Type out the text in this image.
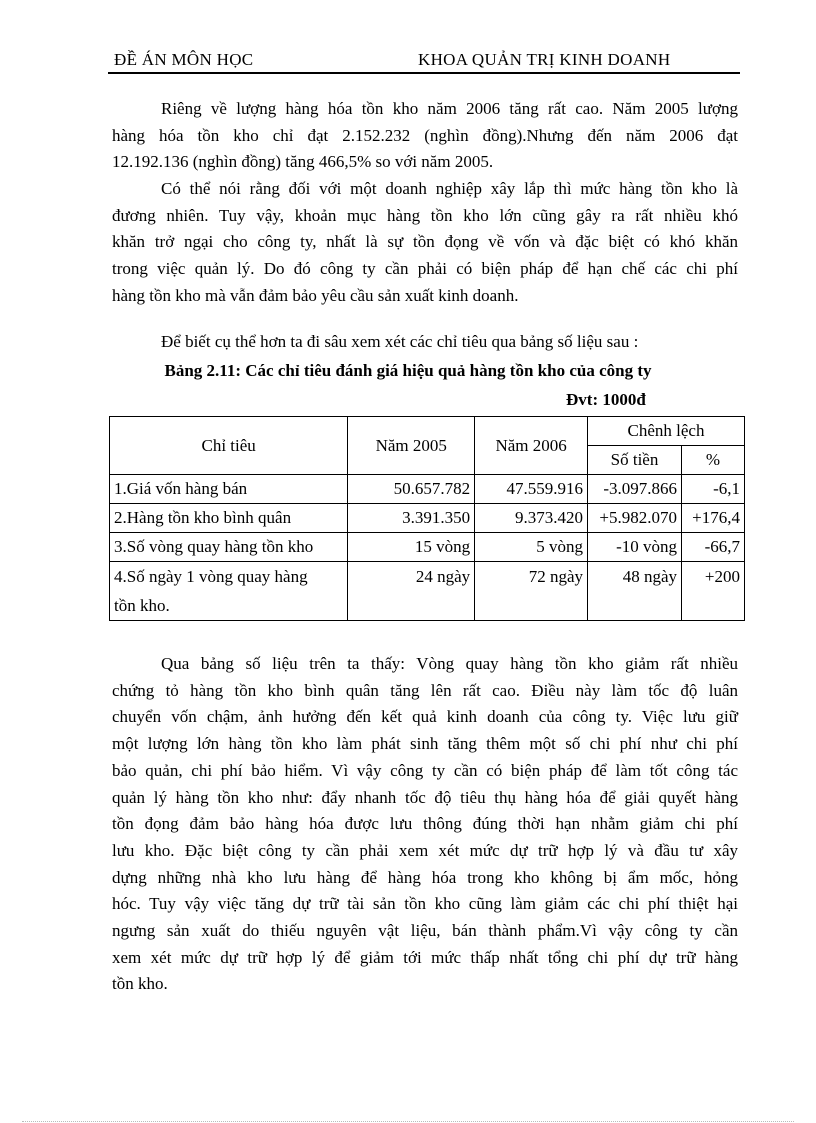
ĐỀ ÁN MÔN HỌC	KHOA QUẢN TRỊ KINH DOANH
Riêng về lượng hàng hóa tồn kho năm 2006 tăng rất cao. Năm 2005 lượng
hàng hóa tồn kho chỉ đạt 2.152.232 (nghìn đồng).Nhưng đến năm 2006 đạt
12.192.136 (nghìn đồng) tăng 466,5% so với năm 2005.
Có thể nói rằng đối với một doanh nghiệp xây lắp thì mức hàng tồn kho là
đương nhiên. Tuy vậy, khoản mục hàng tồn kho lớn cũng gây ra rất nhiều khó
khăn trở ngại cho công ty, nhất là sự tồn đọng về vốn và đặc biệt có khó khăn
trong việc quản lý. Do đó công ty cần phải có biện pháp để hạn chế các chi phí
hàng tồn kho mà vẫn đảm bảo yêu cầu sản xuất kinh doanh.
Để biết cụ thể hơn ta đi sâu xem xét các chỉ tiêu qua bảng số liệu sau :
Bảng 2.11: Các chỉ tiêu đánh giá hiệu quả hàng tồn kho của công ty
Đvt: 1000đ
Chỉ tiêu	Năm 2005	Năm 2006	Chênh lệch	
			Số tiền	%
1.Giá vốn hàng bán	50.657.782	47.559.916	-3.097.866	-6,1
2.Hàng tồn kho bình quân	3.391.350	9.373.420	+5.982.070	+176,4
3.Số vòng quay hàng tồn kho	15 vòng	5 vòng	-10 vòng	-66,7
4.Số ngày 1 vòng quay hàng
tồn kho.	24 ngày	72 ngày	48 ngày	+200
Qua bảng số liệu trên ta thấy: Vòng quay hàng tồn kho giảm rất nhiều
chứng tỏ hàng tồn kho bình quân tăng lên rất cao. Điều này làm tốc độ luân
chuyển vốn chậm, ảnh hưởng đến kết quả kinh doanh của công ty. Việc lưu giữ
một lượng lớn hàng tồn kho làm phát sinh tăng thêm một số chi phí như chi phí
bảo quản, chi phí bảo hiểm. Vì vậy công ty cần có biện pháp để làm tốt công tác
quản lý hàng tồn kho như: đẩy nhanh tốc độ tiêu thụ hàng hóa để giải quyết hàng
tồn đọng đảm bảo hàng hóa được lưu thông đúng thời hạn nhằm giảm chi phí
lưu kho. Đặc biệt công ty cần phải xem xét mức dự trữ hợp lý và đầu tư xây
dựng những nhà kho lưu hàng để hàng hóa trong kho không bị ẩm mốc, hỏng
hóc. Tuy vậy việc tăng dự trữ tài sản tồn kho cũng làm giảm các chi phí thiệt hại
ngưng sản xuất do thiếu nguyên vật liệu, bán thành phẩm.Vì vậy công ty cần
xem xét mức dự trữ hợp lý để giảm tới mức thấp nhất tổng chi phí dự trữ hàng
tồn kho.
